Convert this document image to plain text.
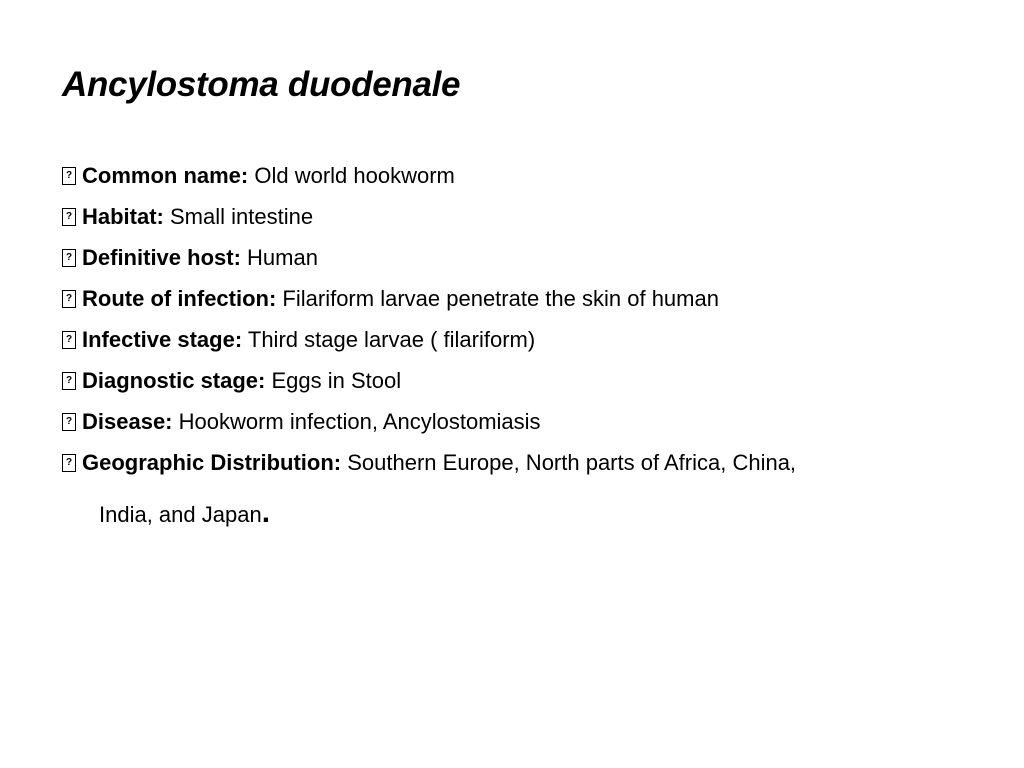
Ancylostoma duodenale
?Common name: Old world hookworm
?Habitat: Small intestine
?Definitive host: Human
?Route of infection: Filariform larvae penetrate the skin of human
?Infective stage: Third stage larvae ( filariform)
?Diagnostic stage: Eggs in Stool
?Disease: Hookworm infection, Ancylostomiasis
?Geographic Distribution: Southern Europe, North parts of Africa, China,
India, and Japan.
